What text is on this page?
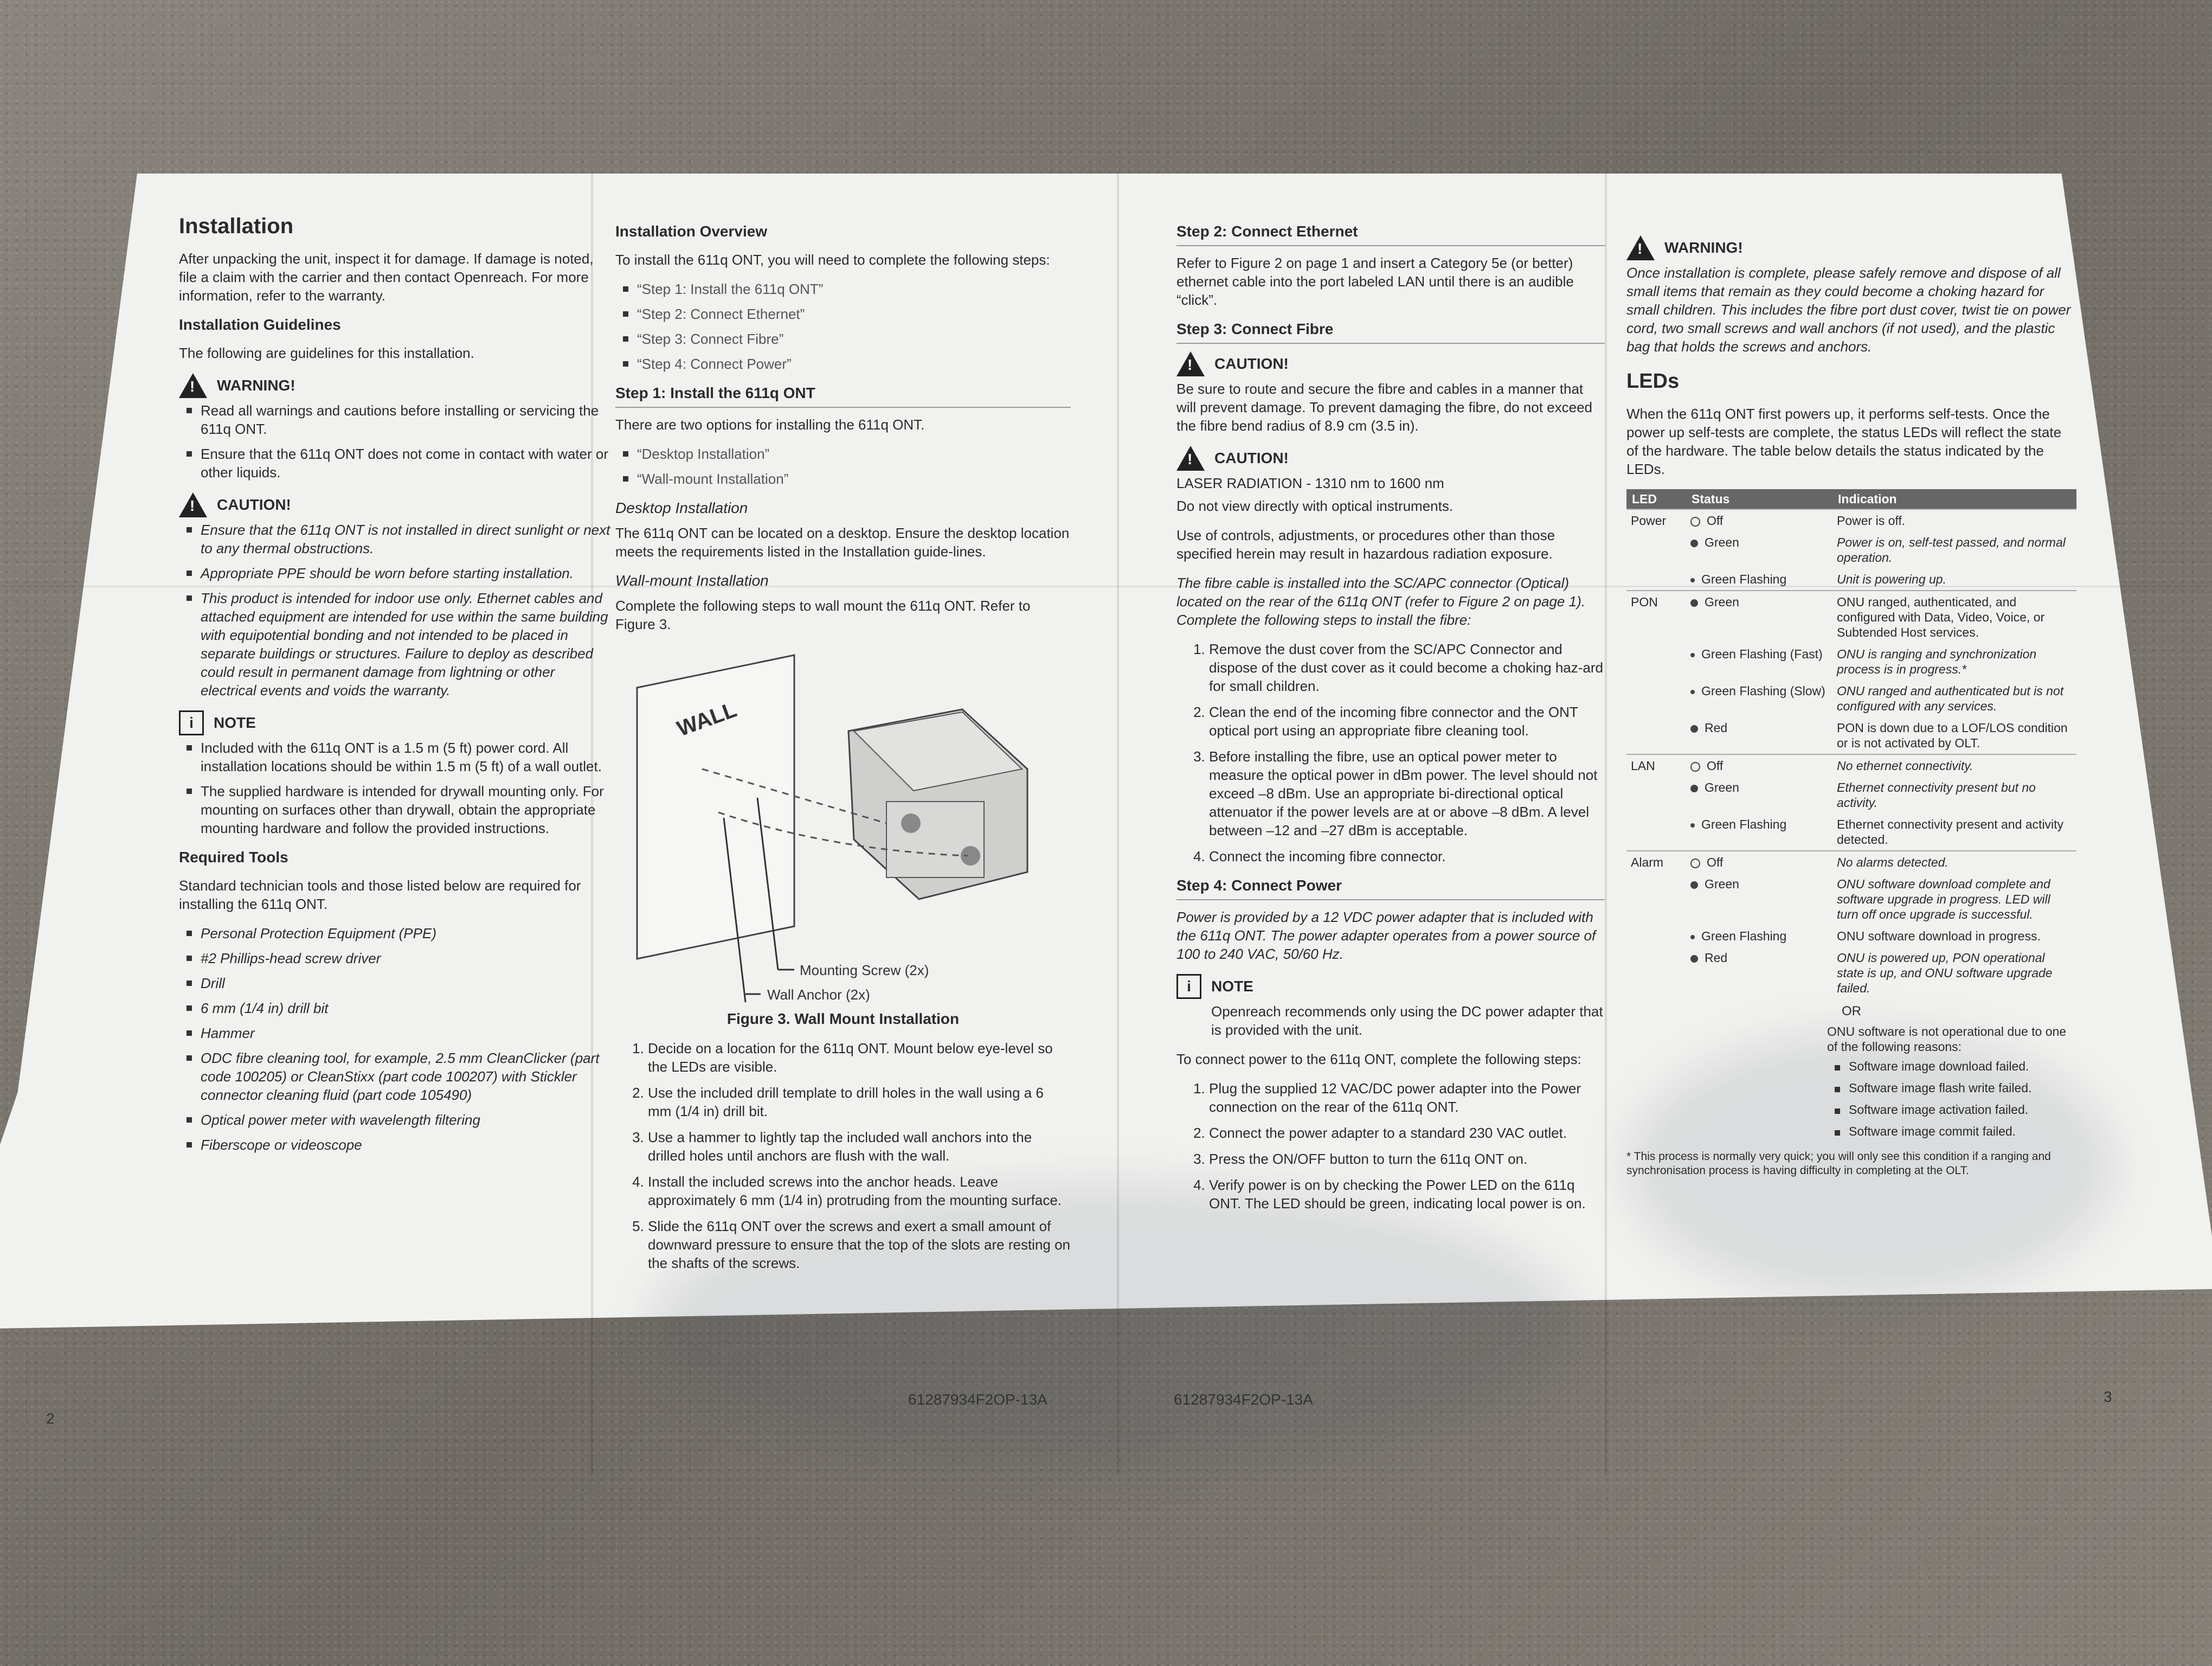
Installation

After unpacking the unit, inspect it for damage. If damage is noted, file a claim with the carrier and then contact Openreach. For more information, refer to the warranty.

Installation Guidelines

The following are guidelines for this installation.

!
WARNING!
Read all warnings and cautions before installing or servicing the 611q ONT.
Ensure that the 611q ONT does not come in contact with water or other liquids.
!
CAUTION!
Ensure that the 611q ONT is not installed in direct sunlight or next to any thermal obstructions.
Appropriate PPE should be worn before starting installation.
This product is intended for indoor use only. Ethernet cables and attached equipment are intended for use within the same building with equipotential bonding and not intended to be placed in separate buildings or structures. Failure to deploy as described could result in permanent damage from lightning or other electrical events and voids the warranty.
i	NOTE
Included with the 611q ONT is a 1.5 m (5 ft) power cord. All installation locations should be within 1.5 m (5 ft) of a wall outlet.
The supplied hardware is intended for drywall mounting only. For mounting on surfaces other than drywall, obtain the appropriate mounting hardware and follow the provided instructions.
Required Tools

Standard technician tools and those listed below are required for installing the 611q ONT.

Personal Protection Equipment (PPE)
#2 Phillips-head screw driver
Drill
6 mm (1/4 in) drill bit
Hammer
ODC fibre cleaning tool, for example, 2.5 mm CleanClicker (part code 100205) or CleanStixx (part code 100207) with Stickler connector cleaning fluid (part code 105490)
Optical power meter with wavelength filtering
Fiberscope or videoscope
2
Installation Overview

To install the 611q ONT, you will need to complete the following steps:

“Step 1: Install the 611q ONT”
“Step 2: Connect Ethernet”
“Step 3: Connect Fibre”
“Step 4: Connect Power”
Step 1: Install the 611q ONT

There are two options for installing the 611q ONT.

“Desktop Installation”
“Wall-mount Installation”
Desktop Installation

The 611q ONT can be located on a desktop. Ensure the desktop location meets the requirements listed in the Installation guide-lines.

Wall-mount Installation

Complete the following steps to wall mount the 611q ONT. Refer to Figure 3.

WALL
Mounting Screw (2x)
Wall Anchor (2x)
Figure 3. Wall Mount Installation
1. Decide on a location for the 611q ONT. Mount below eye-level so the LEDs are visible.
2. Use the included drill template to drill holes in the wall using a 6 mm (1/4 in) drill bit.
3. Use a hammer to lightly tap the included wall anchors into the drilled holes until anchors are flush with the wall.
4. Install the included screws into the anchor heads. Leave approximately 6 mm (1/4 in) protruding from the mounting surface.
5. Slide the 611q ONT over the screws and exert a small amount of downward pressure to ensure that the top of the slots are resting on the shafts of the screws.
61287934F2OP-13A
Step 2: Connect Ethernet

Refer to Figure 2 on page 1 and insert a Category 5e (or better) ethernet cable into the port labeled LAN until there is an audible “click”.

Step 3: Connect Fibre
!
CAUTION!

Be sure to route and secure the fibre and cables in a manner that will prevent damage. To prevent damaging the fibre, do not exceed the fibre bend radius of 8.9 cm (3.5 in).

!
CAUTION!

LASER RADIATION - 1310 nm to 1600 nm

Do not view directly with optical instruments.

Use of controls, adjustments, or procedures other than those specified herein may result in hazardous radiation exposure.

The fibre cable is installed into the SC/APC connector (Optical) located on the rear of the 611q ONT (refer to Figure 2 on page 1). Complete the following steps to install the fibre:

1. Remove the dust cover from the SC/APC Connector and dispose of the dust cover as it could become a choking haz-ard for small children.
2. Clean the end of the incoming fibre connector and the ONT optical port using an appropriate fibre cleaning tool.
3. Before installing the fibre, use an optical power meter to measure the optical power in dBm power. The level should not exceed –8 dBm. Use an appropriate bi-directional optical attenuator if the power levels are at or above –8 dBm. A level between –12 and –27 dBm is acceptable.
4. Connect the incoming fibre connector.
Step 4: Connect Power

Power is provided by a 12 VDC power adapter that is included with the 611q ONT. The power adapter operates from a power source of 100 to 240 VAC, 50/60 Hz.

i	NOTE

Openreach recommends only using the DC power adapter that is provided with the unit.

To connect power to the 611q ONT, complete the following steps:

1. Plug the supplied 12 VAC/DC power adapter into the Power connection on the rear of the 611q ONT.
2. Connect the power adapter to a standard 230 VAC outlet.
3. Press the ON/OFF button to turn the 611q ONT on.
4. Verify power is on by checking the Power LED on the 611q ONT. The LED should be green, indicating local power is on.
61287934F2OP-13A
!
WARNING!

Once installation is complete, please safely remove and dispose of all small items that remain as they could become a choking hazard for small children. This includes the fibre port dust cover, twist tie on power cord, two small screws and wall anchors (if not used), and the plastic bag that holds the screws and anchors.

LEDs

When the 611q ONT first powers up, it performs self-tests. Once the power up self-tests are complete, the status LEDs will reflect the state of the hardware. The table below details the status indicated by the LEDs.

LED	Status	Indication
Power	Off	Power is off.
	Green	Power is on, self-test passed, and normal operation.
	Green Flashing	Unit is powering up.
PON	Green	ONU ranged, authenticated, and configured with Data, Video, Voice, or Subtended Host services.
	Green Flashing (Fast)	ONU is ranging and synchronization process is in progress.*
	Green Flashing (Slow)	ONU ranged and authenticated but is not configured with any services.
	Red	PON is down due to a LOF/LOS condition or is not activated by OLT.
LAN	Off	No ethernet connectivity.
	Green	Ethernet connectivity present but no activity.
	Green Flashing	Ethernet connectivity present and activity detected.
Alarm	Off	No alarms detected.
	Green	ONU software download complete and software upgrade in progress. LED will turn off once upgrade is successful.
	Green Flashing	ONU software download in progress.
	Red	ONU is powered up, PON operational state is up, and ONU software upgrade failed.
OR
ONU software is not operational due to one of the following reasons:
Software image download failed.
Software image flash write failed.
Software image activation failed.
Software image commit failed.

* This process is normally very quick; you will only see this condition if a ranging and synchronisation process is having difficulty in completing at the OLT.

3
